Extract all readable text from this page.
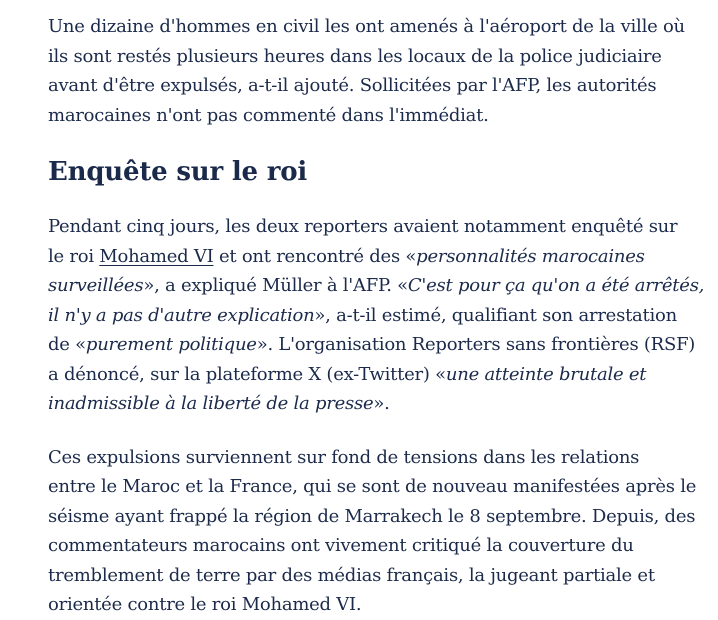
Une dizaine d'hommes en civil les ont amenés à l'aéroport de la ville où
ils sont restés plusieurs heures dans les locaux de la police judiciaire
avant d'être expulsés, a-t-il ajouté. Sollicitées par l'AFP, les autorités
marocaines n'ont pas commenté dans l'immédiat.

Enquête sur le roi

Pendant cinq jours, les deux reporters avaient notamment enquêté sur
le roi Mohamed VI et ont rencontré des «personnalités marocaines
surveillées», a expliqué Müller à l'AFP. «C'est pour ça qu'on a été arrêtés,
il n'y a pas d'autre explication», a-t-il estimé, qualifiant son arrestation
de «purement politique». L'organisation Reporters sans frontières (RSF)
a dénoncé, sur la plateforme X (ex-Twitter) «une atteinte brutale et
inadmissible à la liberté de la presse».

Ces expulsions surviennent sur fond de tensions dans les relations
entre le Maroc et la France, qui se sont de nouveau manifestées après le
séisme ayant frappé la région de Marrakech le 8 septembre. Depuis, des
commentateurs marocains ont vivement critiqué la couverture du
tremblement de terre par des médias français, la jugeant partiale et
orientée contre le roi Mohamed VI.
